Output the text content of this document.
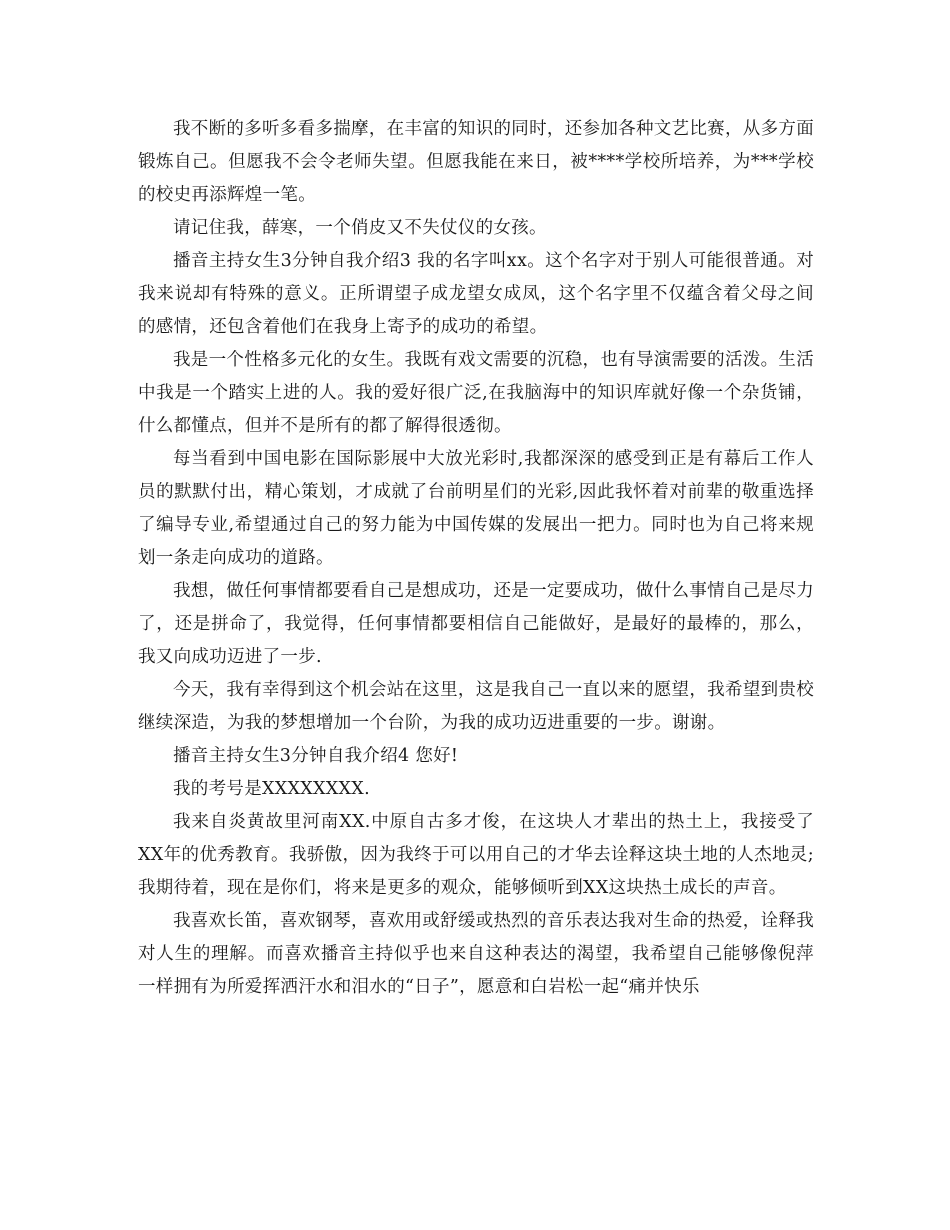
我不断的多听多看多揣摩，在丰富的知识的同时，还参加各种文艺比赛，从多方面锻炼自己。但愿我不会令老师失望。但愿我能在来日，被****学校所培养，为***学校的校史再添辉煌一笔。

请记住我，薛寒，一个俏皮又不失仗仪的女孩。

播音主持女生3分钟自我介绍3 我的名字叫xx。这个名字对于别人可能很普通。对我来说却有特殊的意义。正所谓望子成龙望女成凤，这个名字里不仅蕴含着父母之间的感情，还包含着他们在我身上寄予的成功的希望。

我是一个性格多元化的女生。我既有戏文需要的沉稳，也有导演需要的活泼。生活中我是一个踏实上进的人。我的爱好很广泛,在我脑海中的知识库就好像一个杂货铺，什么都懂点，但并不是所有的都了解得很透彻。

每当看到中国电影在国际影展中大放光彩时,我都深深的感受到正是有幕后工作人员的默默付出，精心策划，才成就了台前明星们的光彩,因此我怀着对前辈的敬重选择了编导专业,希望通过自己的努力能为中国传媒的发展出一把力。同时也为自己将来规划一条走向成功的道路。

我想，做任何事情都要看自己是想成功，还是一定要成功，做什么事情自己是尽力了，还是拼命了，我觉得，任何事情都要相信自己能做好，是最好的最棒的，那么，我又向成功迈进了一步.

今天，我有幸得到这个机会站在这里，这是我自己一直以来的愿望，我希望到贵校继续深造，为我的梦想增加一个台阶，为我的成功迈进重要的一步。谢谢。

播音主持女生3分钟自我介绍4 您好!

我的考号是XXXXXXXX.

我来自炎黄故里河南XX.中原自古多才俊，在这块人才辈出的热土上，我接受了XX年的优秀教育。我骄傲，因为我终于可以用自己的才华去诠释这块土地的人杰地灵;我期待着，现在是你们，将来是更多的观众，能够倾听到XX这块热土成长的声音。

我喜欢长笛，喜欢钢琴，喜欢用或舒缓或热烈的音乐表达我对生命的热爱，诠释我对人生的理解。而喜欢播音主持似乎也来自这种表达的渴望，我希望自己能够像倪萍一样拥有为所爱挥洒汗水和泪水的“日子”，愿意和白岩松一起“痛并快乐
